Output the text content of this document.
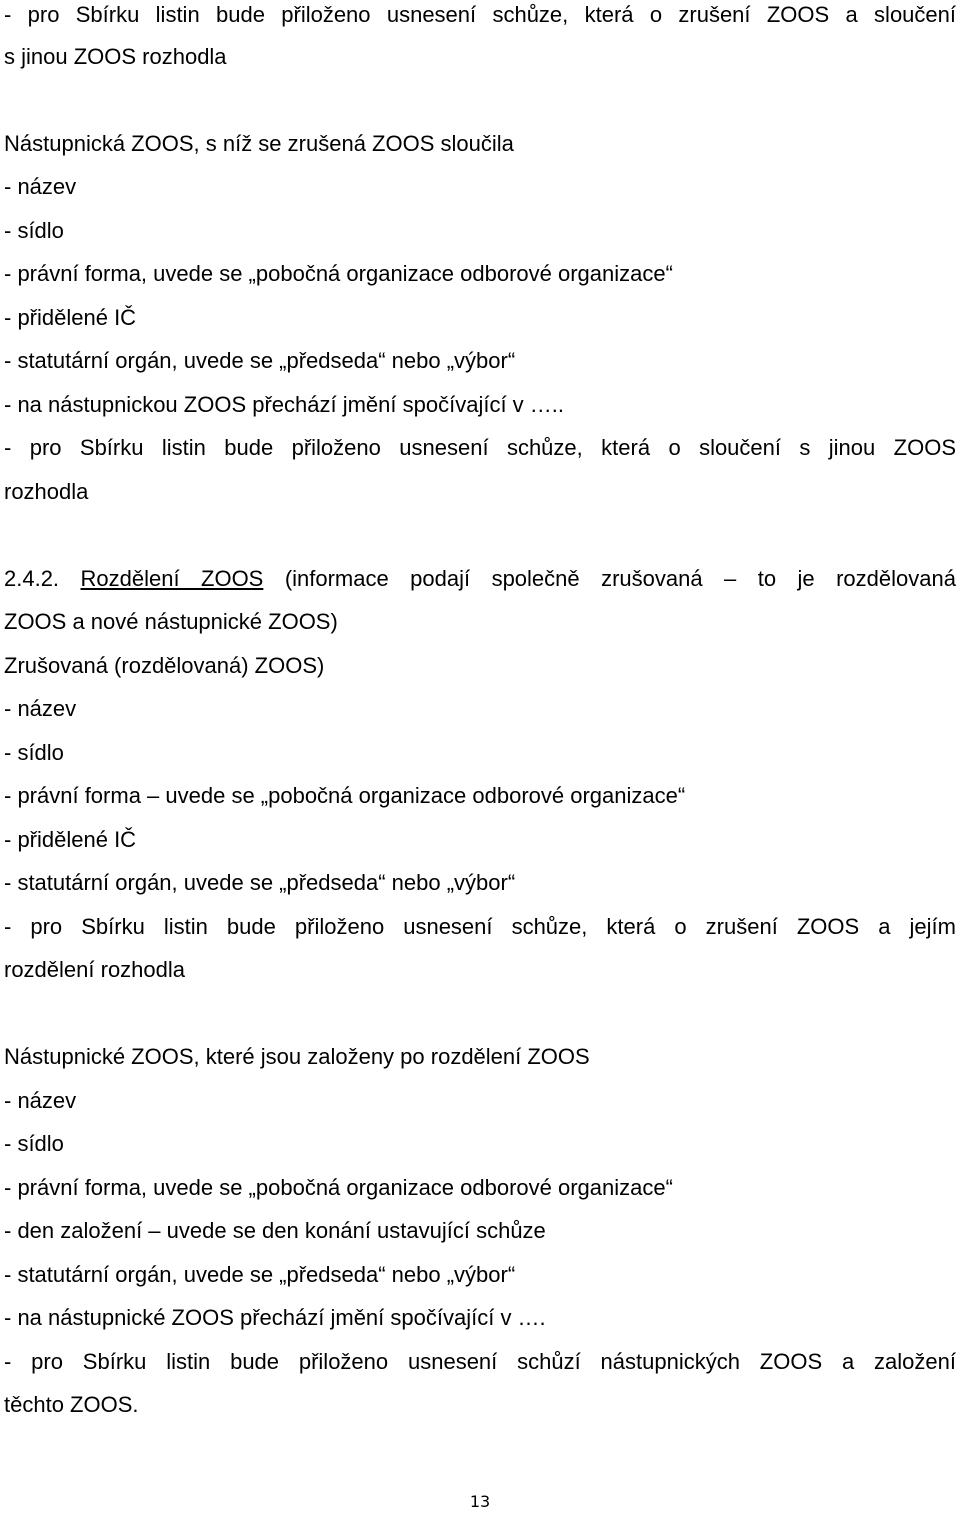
- pro Sbírku listin bude přiloženo usnesení schůze, která o zrušení ZOOS a sloučení
s jinou ZOOS rozhodla
Nástupnická ZOOS, s níž se zrušená ZOOS sloučila
- název
- sídlo
- právní forma, uvede se „pobočná organizace odborové organizace“
- přidělené IČ
- statutární orgán, uvede se „předseda“ nebo „výbor“
- na nástupnickou ZOOS přechází jmění spočívající v …..
- pro Sbírku listin bude přiloženo usnesení schůze, která o sloučení s jinou ZOOS
rozhodla
2.4.2. Rozdělení ZOOS (informace podají společně zrušovaná – to je rozdělovaná
ZOOS a nové nástupnické ZOOS)
Zrušovaná (rozdělovaná) ZOOS)
- název
- sídlo
- právní forma – uvede se „pobočná organizace odborové organizace“
- přidělené IČ
- statutární orgán, uvede se „předseda“ nebo „výbor“
- pro Sbírku listin bude přiloženo usnesení schůze, která o zrušení ZOOS a jejím
rozdělení rozhodla
Nástupnické ZOOS, které jsou založeny po rozdělení ZOOS
- název
- sídlo
- právní forma, uvede se „pobočná organizace odborové organizace“
- den založení – uvede se den konání ustavující schůze
- statutární orgán, uvede se „předseda“ nebo „výbor“
- na nástupnické ZOOS přechází jmění spočívající v ….
- pro Sbírku listin bude přiloženo usnesení schůzí nástupnických ZOOS a založení
těchto ZOOS.
13
